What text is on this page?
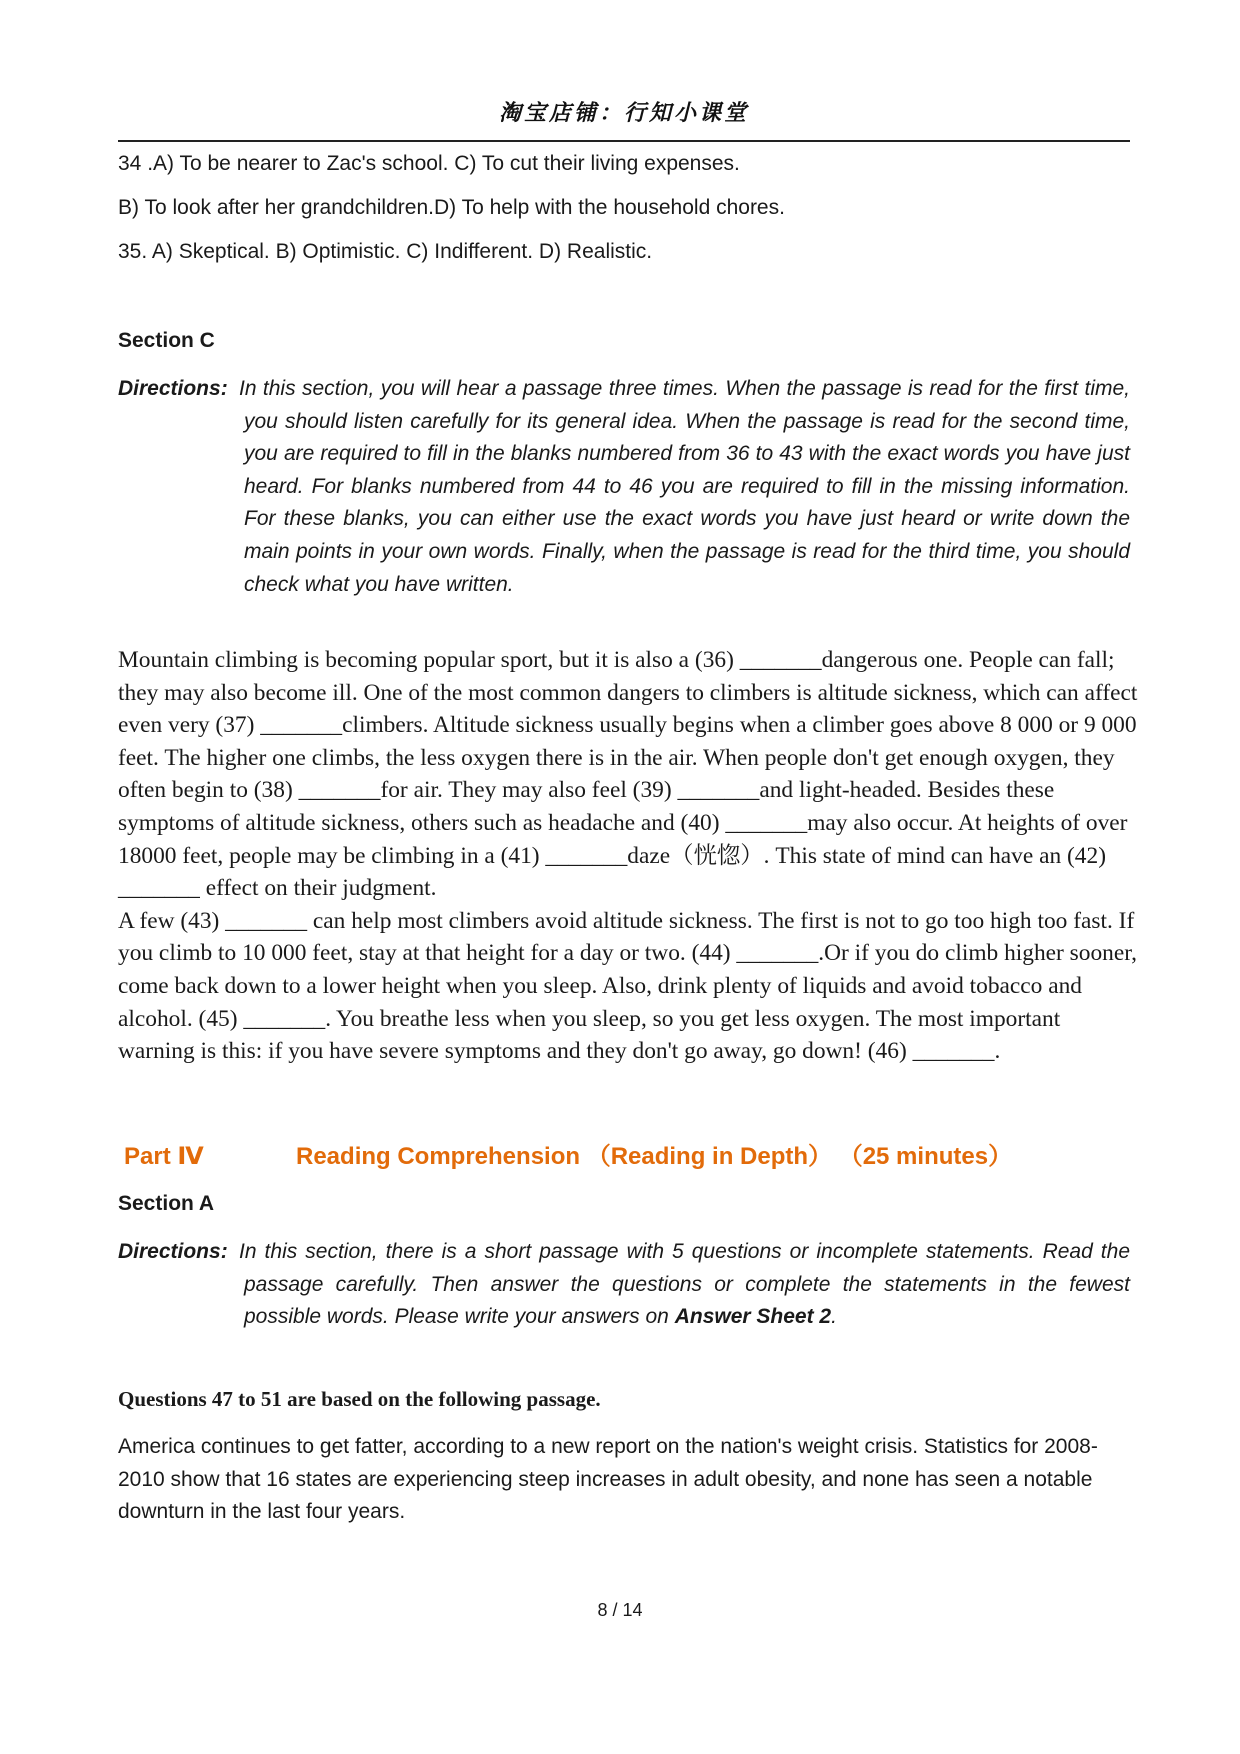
淘宝店铺：行知小课堂
34 .A) To be nearer to Zac's school. C) To cut their living expenses.
B) To look after her grandchildren.D) To help with the household chores.
35. A) Skeptical. B) Optimistic. C) Indifferent. D) Realistic.
Section C
Directions: In this section, you will hear a passage three times. When the passage is read for the first time, you should listen carefully for its general idea. When the passage is read for the second time, you are required to fill in the blanks numbered from 36 to 43 with the exact words you have just heard. For blanks numbered from 44 to 46 you are required to fill in the missing information. For these blanks, you can either use the exact words you have just heard or write down the main points in your own words. Finally, when the passage is read for the third time, you should check what you have written.

Mountain climbing is becoming popular sport, but it is also a (36) _______dangerous one. People can fall; they may also become ill. One of the most common dangers to climbers is altitude sickness, which can affect even very (37) _______climbers. Altitude sickness usually begins when a climber goes above 8 000 or 9 000 feet. The higher one climbs, the less oxygen there is in the air. When people don't get enough oxygen, they often begin to (38) _______for air. They may also feel (39) _______and light-headed. Besides these symptoms of altitude sickness, others such as headache and (40) _______may also occur. At heights of over 18000 feet, people may be climbing in a (41) _______daze（恍惚）. This state of mind can have an (42) _______ effect on their judgment.

A few (43) _______ can help most climbers avoid altitude sickness. The first is not to go too high too fast. If you climb to 10 000 feet, stay at that height for a day or two. (44) _______.Or if you do climb higher sooner, come back down to a lower height when you sleep. Also, drink plenty of liquids and avoid tobacco and alcohol. (45) _______. You breathe less when you sleep, so you get less oxygen. The most important warning is this: if you have severe symptoms and they don't go away, go down! (46) _______.

Part Ⅳ	Reading Comprehension （Reading in Depth） （25 minutes）
Section A
Directions: In this section, there is a short passage with 5 questions or incomplete statements. Read the passage carefully. Then answer the questions or complete the statements in the fewest possible words. Please write your answers on Answer Sheet 2.
Questions 47 to 51 are based on the following passage.

America continues to get fatter, according to a new report on the nation's weight crisis. Statistics for 2008-2010 show that 16 states are experiencing steep increases in adult obesity, and none has seen a notable downturn in the last four years.

8 / 14
